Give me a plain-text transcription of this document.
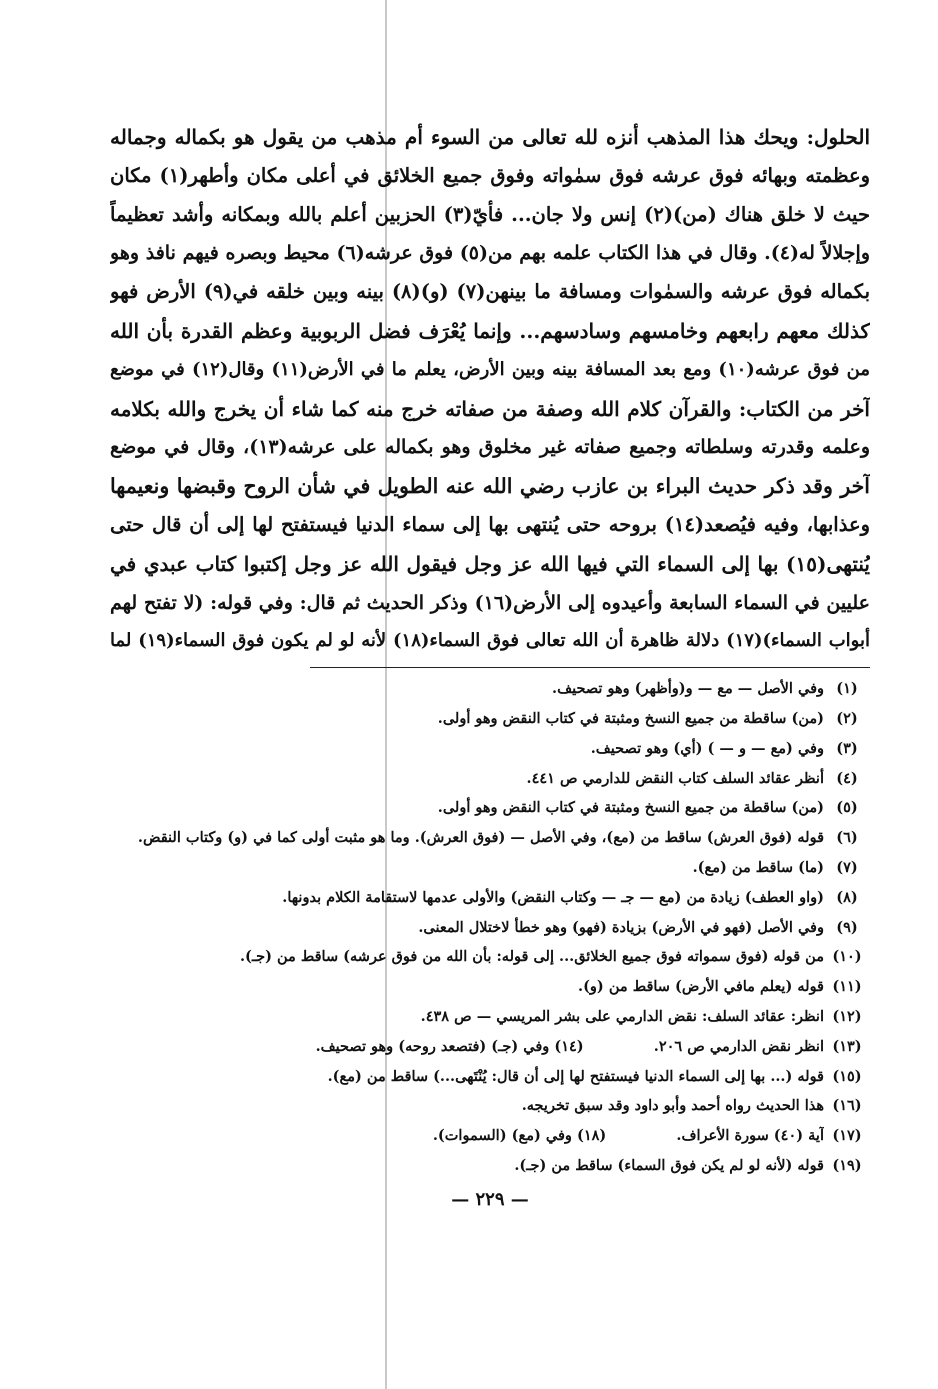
الحلول: ويحك هذا المذهب أنزه لله تعالى من السوء أم مذهب من يقول هو بكماله وجماله

وعظمته وبهائه فوق عرشه فوق سمٰواته وفوق جميع الخلائق في أعلى مكان وأطهر(١) مكان

حيث لا خلق هناك (من)(٢) إنس ولا جان... فأيّ(٣) الحزبين أعلم بالله وبمكانه وأشد تعظيماً

وإجلالاً له(٤). وقال في هذا الكتاب علمه بهم من(٥) فوق عرشه(٦) محيط وبصره فيهم نافذ وهو

بكماله فوق عرشه والسمٰوات ومسافة ما بينهن(٧) (و)(٨) بينه وبين خلقه في(٩) الأرض فهو

كذلك معهم رابعهم وخامسهم وسادسهم... وإنما يُعْرَف فضل الربوبية وعظم القدرة بأن الله

من فوق عرشه(١٠) ومع بعد المسافة بينه وبين الأرض، يعلم ما في الأرض(١١) وقال(١٢) في موضع

آخر من الكتاب: والقرآن كلام الله وصفة من صفاته خرج منه كما شاء أن يخرج والله بكلامه

وعلمه وقدرته وسلطاته وجميع صفاته غير مخلوق وهو بكماله على عرشه(١٣)، وقال في موضع

آخر وقد ذكر حديث البراء بن عازب رضي الله عنه الطويل في شأن الروح وقبضها ونعيمها

وعذابها، وفيه فيُصعد(١٤) بروحه حتى يُنتهى بها إلى سماء الدنيا فيستفتح لها إلى أن قال حتى

يُنتهى(١٥) بها إلى السماء التي فيها الله عز وجل فيقول الله عز وجل إكتبوا كتاب عبدي في

عليين في السماء السابعة وأعيدوه إلى الأرض(١٦) وذكر الحديث ثم قال: وفي قوله: (لا تفتح لهم

أبواب السماء)(١٧) دلالة ظاهرة أن الله تعالى فوق السماء(١٨) لأنه لو لم يكون فوق السماء(١٩) لما

(١)
وفي الأصل — مع — و(وأظهر) وهو تصحيف.
(٢)
(من) ساقطة من جميع النسخ ومثبتة في كتاب النقض وهو أولى.
(٣)
وفي (مع — و — ) (أي) وهو تصحيف.
(٤)
أنظر عقائد السلف كتاب النقض للدارمي ص ٤٤١.
(٥)
(من) ساقطة من جميع النسخ ومثبتة في كتاب النقض وهو أولى.
(٦)
قوله (فوق العرش) ساقط من (مع)، وفي الأصل — (فوق العرش). وما هو مثبت أولى كما في (و) وكتاب النقض.
(٧)
(ما) ساقط من (مع).
(٨)
(واو العطف) زيادة من (مع — جـ — وكتاب النقض) والأولى عدمها لاستقامة الكلام بدونها.
(٩)
وفي الأصل (فهو في الأرض) بزيادة (فهو) وهو خطأ لاختلال المعنى.
(١٠)
من قوله (فوق سمواته فوق جميع الخلائق... إلى قوله: بأن الله من فوق عرشه) ساقط من (جـ).
(١١)
قوله (يعلم مافي الأرض) ساقط من (و).
(١٢)
انظر: عقائد السلف: نقض الدارمي على بشر المريسي — ص ٤٣٨.
(١٣)
انظر نقض الدارمي ص ٢٠٦.  (١٤) وفي (جـ) (فتصعد روحه) وهو تصحيف.
(١٥)
قوله (... بها إلى السماء الدنيا فيستفتح لها إلى أن قال: يُنْتَهى...) ساقط من (مع).
(١٦)
هذا الحديث رواه أحمد وأبو داود وقد سبق تخريجه.
(١٧)
آية (٤٠) سورة الأعراف.  (١٨) وفي (مع) (السموات).
(١٩)
قوله (لأنه لو لم يكن فوق السماء) ساقط من (جـ).
— ٢٢٩ —
